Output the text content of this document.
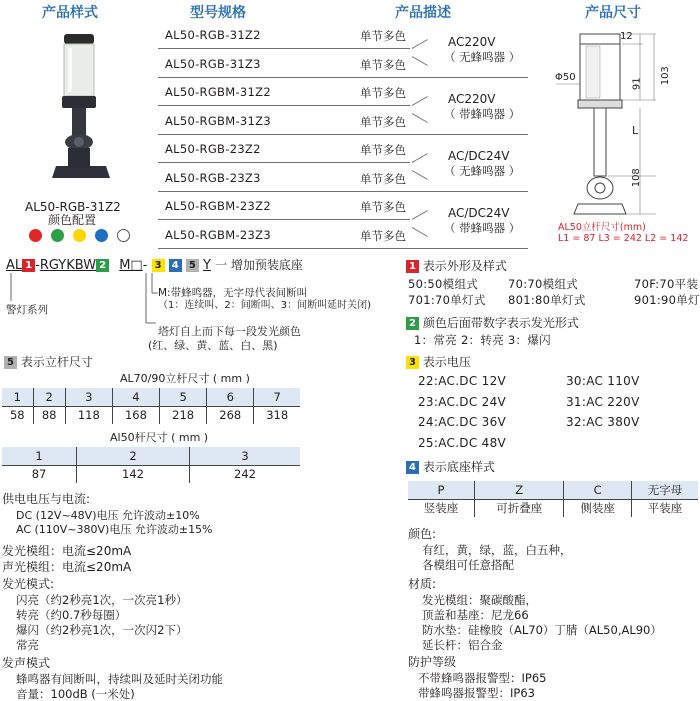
产品样式	型号规格	产品描述	产品尺寸
AL50-RGB-31Z2
颜色配置
AL50-RGB-31Z2	单节多色
AL50-RGB-31Z3	单节多色
AL50-RGBM-31Z2	单节多色
AL50-RGBM-31Z3	单节多色
AL50-RGB-23Z2	单节多色
AL50-RGB-23Z3	单节多色
AL50-RGBM-23Z2	单节多色
AL50-RGBM-23Z3	单节多色
AC220V
（ 无蜂鸣器 ）
AC220V
（ 带蜂鸣器 ）
AC/DC24V
（ 无蜂鸣器 ）
AC/DC24V
（ 带蜂鸣器 ）
12
103
91
Φ50
L
108
AL50立杆尺寸(mm)
L1 = 87 L3 = 242 L2 = 142
AL 1 -RGYKBW 2 M□- 3 4 5 Y 一 增加预装底座
警灯系列
M:带蜂鸣器，无字母代表间断叫
（1：连续叫、2：间断叫、3：间断叫延时关闭)
塔灯自上而下每一段发光颜色
(红、绿、黄、蓝、白、黑)
5 表示立杆尺寸
AL70/90立杆尺寸 ( mm )
1	2	3	4	5	6	7
58	88	118	168	218	268	318
Al50杆尺寸 ( mm )
1	2	3
87	142	242
供电电压与电流:
DC (12V~48V)电压 允许波动±10%
AC (110V~380V)电压 允许波动±15%
发光模组：电流≤20mA
声光模组：电流≤20mA
发光模式:
闪亮（约2秒亮1次，一次亮1秒）
转亮（约0.7秒每圈）
爆闪（约2秒亮1次，一次闪2下）
常亮
发声模式
蜂鸣器有间断叫，持续叫及延时关闭功能
音量：100dB (一米处)
1 表示外形及样式
50:50模组式	70:70模组式	70F:70平装
701:70单灯式 801:80单灯式	901:90单灯
2 颜色后面带数字表示发光形式
1：常亮 2：转亮 3：爆闪
3 表示电压
22:AC.DC 12V	30:AC 110V
23:AC.DC 24V	31:AC 220V
24:AC.DC 36V	32:AC 380V
25:AC.DC 48V
4 表示底座样式
P	Z	C	无字母
竖装座	可折叠座	侧装座	平装座
颜色:
有红，黄，绿，蓝，白五种，
各模组可任意搭配
材质:
发光模组：聚碳酸酯，
顶盖和基座：尼龙66
防水垫：硅橡胶（AL70）丁腈（AL50,AL90）
延长杆：铝合金
防护等级
不带蜂鸣器报警型：IP65
带蜂鸣器报警型：IP63
